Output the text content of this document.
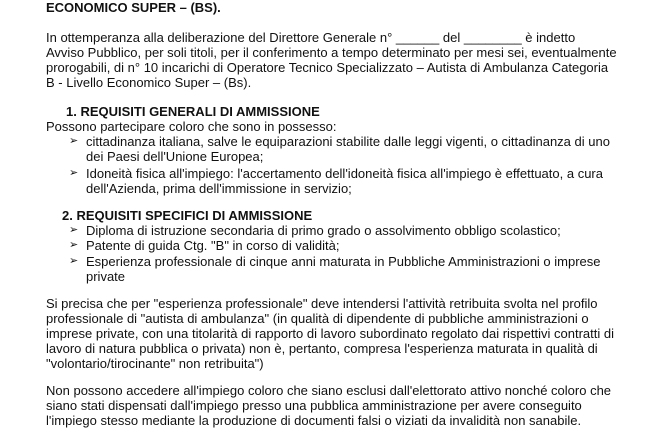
ECONOMICO SUPER – (BS).
In ottemperanza alla deliberazione del Direttore Generale n° ______ del ________ è indetto
Avviso Pubblico, per soli titoli, per il conferimento a tempo determinato per mesi sei, eventualmente
prorogabili, di n° 10 incarichi di Operatore Tecnico Specializzato – Autista di Ambulanza Categoria
B - Livello Economico Super – (Bs).
1. REQUISITI GENERALI DI AMMISSIONE
Possono partecipare coloro che sono in possesso:
➢ cittadinanza italiana, salve le equiparazioni stabilite dalle leggi vigenti, o cittadinanza di uno
dei Paesi dell'Unione Europea;
➢ Idoneità fisica all'impiego: l'accertamento dell'idoneità fisica all'impiego è effettuato, a cura
dell'Azienda, prima dell'immissione in servizio;
2. REQUISITI SPECIFICI DI AMMISSIONE
➢ Diploma di istruzione secondaria di primo grado o assolvimento obbligo scolastico;
➢ Patente di guida Ctg. "B" in corso di validità;
➢ Esperienza professionale di cinque anni maturata in Pubbliche Amministrazioni o imprese
private
Si precisa che per "esperienza professionale" deve intendersi l'attività retribuita svolta nel profilo
professionale di "autista di ambulanza" (in qualità di dipendente di pubbliche amministrazioni o
imprese private, con una titolarità di rapporto di lavoro subordinato regolato dai rispettivi contratti di
lavoro di natura pubblica o privata) non è, pertanto, compresa l'esperienza maturata in qualità di
"volontario/tirocinante" non retribuita")
Non possono accedere all'impiego coloro che siano esclusi dall'elettorato attivo nonché coloro che
siano stati dispensati dall'impiego presso una pubblica amministrazione per avere conseguito
l'impiego stesso mediante la produzione di documenti falsi o viziati da invalidità non sanabile.
